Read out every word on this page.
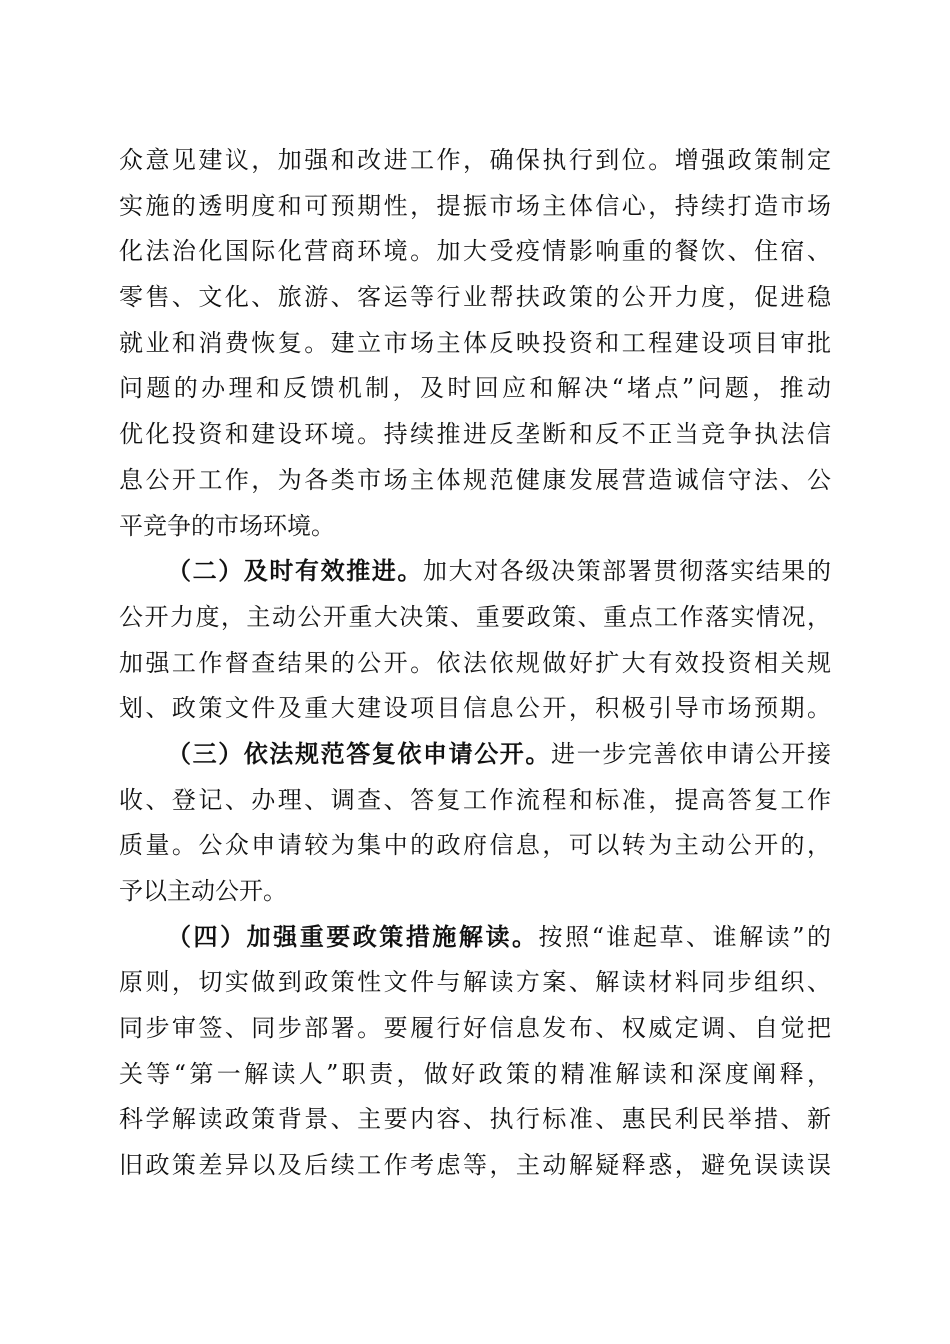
众意见建议，加强和改进工作，确保执行到位。增强政策制定
实施的透明度和可预期性，提振市场主体信心，持续打造市场
化法治化国际化营商环境。加大受疫情影响重的餐饮、住宿、
零售、文化、旅游、客运等行业帮扶政策的公开力度，促进稳
就业和消费恢复。建立市场主体反映投资和工程建设项目审批
问题的办理和反馈机制，及时回应和解决“堵点”问题，推动
优化投资和建设环境。持续推进反垄断和反不正当竞争执法信
息公开工作，为各类市场主体规范健康发展营造诚信守法、公
平竞争的市场环境。
（二）及时有效推进。加大对各级决策部署贯彻落实结果的
公开力度，主动公开重大决策、重要政策、重点工作落实情况，
加强工作督查结果的公开。依法依规做好扩大有效投资相关规
划、政策文件及重大建设项目信息公开，积极引导市场预期。
（三）依法规范答复依申请公开。进一步完善依申请公开接
收、登记、办理、调查、答复工作流程和标准，提高答复工作
质量。公众申请较为集中的政府信息，可以转为主动公开的，
予以主动公开。
（四）加强重要政策措施解读。按照“谁起草、谁解读”的
原则，切实做到政策性文件与解读方案、解读材料同步组织、
同步审签、同步部署。要履行好信息发布、权威定调、自觉把
关等“第一解读人”职责，做好政策的精准解读和深度阐释，
科学解读政策背景、主要内容、执行标准、惠民利民举措、新
旧政策差异以及后续工作考虑等，主动解疑释惑，避免误读误
